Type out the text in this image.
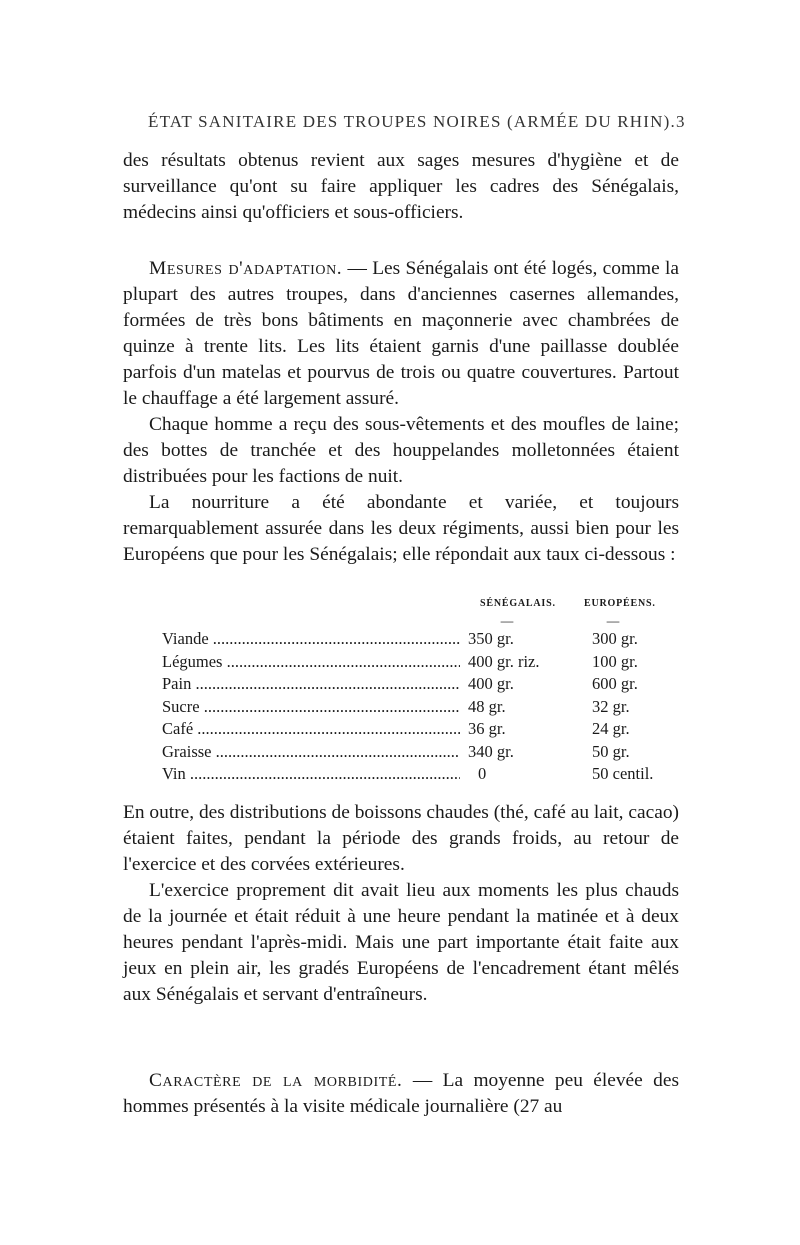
ÉTAT SANITAIRE DES TROUPES NOIRES (ARMÉE DU RHIN). 3

des résultats obtenus revient aux sages mesures d'hygiène et de surveillance qu'ont su faire appliquer les cadres des Sénégalais, médecins ainsi qu'officiers et sous-officiers.

Mesures d'adaptation. — Les Sénégalais ont été logés, comme la plupart des autres troupes, dans d'anciennes casernes allemandes, formées de très bons bâtiments en maçonnerie avec chambrées de quinze à trente lits. Les lits étaient garnis d'une paillasse doublée parfois d'un matelas et pourvus de trois ou quatre couvertures. Partout le chauffage a été largement assuré.

Chaque homme a reçu des sous-vêtements et des moufles de laine; des bottes de tranchée et des houppelandes molletonnées étaient distribuées pour les factions de nuit.

La nourriture a été abondante et variée, et toujours remarquablement assurée dans les deux régiments, aussi bien pour les Européens que pour les Sénégalais; elle répondait aux taux ci-dessous :

SÉNÉGALAIS.	EUROPÉENS.
—	—
Viande .....	350 gr.	300 gr.
Légumes .....	400 gr. riz.	100 gr.
Pain .....	400 gr.	600 gr.
Sucre .....	48 gr.	32 gr.
Café .....	36 gr.	24 gr.
Graisse .....	340 gr.	50 gr.
Vin .....	0	50 centil.

En outre, des distributions de boissons chaudes (thé, café au lait, cacao) étaient faites, pendant la période des grands froids, au retour de l'exercice et des corvées extérieures.

L'exercice proprement dit avait lieu aux moments les plus chauds de la journée et était réduit à une heure pendant la matinée et à deux heures pendant l'après-midi. Mais une part importante était faite aux jeux en plein air, les gradés Européens de l'encadrement étant mêlés aux Sénégalais et servant d'entraîneurs.

Caractère de la morbidité. — La moyenne peu élevée des hommes présentés à la visite médicale journalière (27 au
